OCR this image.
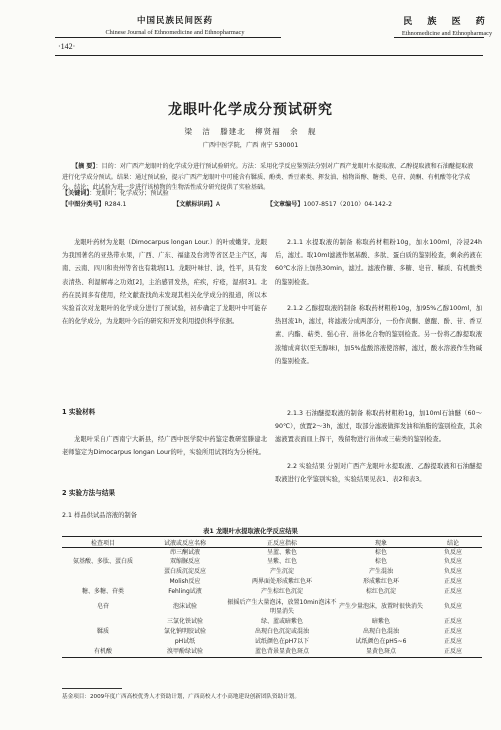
中国民族民间医药
Chinese Journal of Ethnomedicine and Ethnopharmacy
·142·
民 族 医 药
Ethnomedicine and Ethnopharmacy
龙眼叶化学成分预试研究
梁 洁 滕建北 柳贤福 余 舰
广西中医学院，广西 南宁 530001
【摘 要】：目的：对广西产龙眼叶的化学成分进行预试验研究。方法：采用化学反应鉴别法分别对广西产龙眼叶水提取液、乙醇提取液和石油醚提取液进行化学成分预试。结果：通过预试验，提示广西产龙眼叶中可能含有鞣质、酚类、香豆素类、挥发油、植物甾醇、糖类、皂苷、黄酮、有机酸等化学成分。结论：此试验为进一步进行该植物的生物活性成分研究提供了实验基础。
【关键词】：龙眼叶；化学成分；预试验
【中图分类号】R284.1	【文献标识码】A	【文章编号】1007-8517（2010）04-142-2
龙眼叶药材为龙眼（Dimocarpus longan Lour.）的叶或嫩芽。龙眼为我国著名的亚热带水果，广西、广东、福建及台湾等省区是主产区，海南、云南、四川和贵州等省也有栽培[1]。龙眼叶味甘、淡，性平，具有发表清热、利湿解毒之功效[2]，主治感冒发热，疟疾，疔疮，湿疹[3]。北药在民间多有使用，经文献查找尚未发现其相关化学成分的报道，所以本实验首次对龙眼叶的化学成分进行了预试验，初步确定了龙眼叶中可能存在的化学成分，为龙眼叶今后的研究和开发利用提供科学依据。
1 实验材料
龙眼叶采自广西南宁大新县，经广西中医学院中药鉴定教研室滕建北老师鉴定为Dimocarpus longan Lour的叶，实验所用试剂均为分析纯。
2 实验方法与结果
2.1 样品供试品溶液的制备
2.1.1 水提取液的制备 称取药材粗粉10g，加水100ml，冷浸24h后，滤过。取10ml滤液作氨基酸、多肽、蛋白质的鉴别检查，剩余药液在60℃水浴上加热30min，滤过。滤液作糖、多糖、皂苷、鞣质、有机酸类的鉴别检查。
2.1.2 乙醇提取液的制备 称取药材粗粉10g，加95%乙醇100ml，加热回流1h，滤过，将滤液分成两部分，一份作黄酮、蒽醌、酚、苷、香豆素、内酯、萜类、强心苷、甾体化合物的鉴别检查。另一份将乙醇提取液浓缩成膏状(至无醇味)，加5%盐酸溶液使溶解，滤过，酸水溶液作生物碱的鉴别检查。
2.1.3 石油醚提取液的制备 称取药材粗粉1g，加10ml石油醚（60～90℃），放置2～3h，滤过，取部分滤液做挥发油和油脂的鉴别检查，其余滤液置表面皿上挥干，残留物进行甾体或三萜类的鉴别检查。
2.2 实验结果 分别对广西产龙眼叶水提取液、乙醇提取液和石油醚提取液进行化学鉴别实验，实验结果见表1、表2和表3。
表1 龙眼叶水提取液化学反应结果
检查项目	试液或反应名称	正反应指标	现象	结论
	茚三酮试液	呈蓝、紫色	棕色	负反应
氨基酸、多肽、蛋白质	双缩脲反应	呈紫、红色	棕色	负反应
	蛋白质沉淀反应	产生沉淀	产生混浊	负反应
	Molish反应	两界面处形成紫红色环	形成紫红色环	正反应
糖、多糖、苷类	Fehling试液	产生棕红色沉淀	棕红色沉淀	正反应
皂苷	泡沫试验	振摇后产生大量泡沫，放置10min泡沫不明显消失	产生少量泡沫，放置时很快消失	负反应
	三氯化铁试验	绿、蓝或暗紫色	暗紫色	正反应
鞣质	氯化钠明胶试验	出现白色沉淀或混浊	出现白色混浊	正反应
	pH试纸	试纸颜色在pH7以下	试纸颜色在pH5~6	正反应
有机酸	溴甲酚绿试验	蓝色背景显黄色斑点	显黄色斑点	正反应
基金项目：2009年度广西高校优秀人才资助计划，广西高校人才小高地建设创新团队资助计划。
